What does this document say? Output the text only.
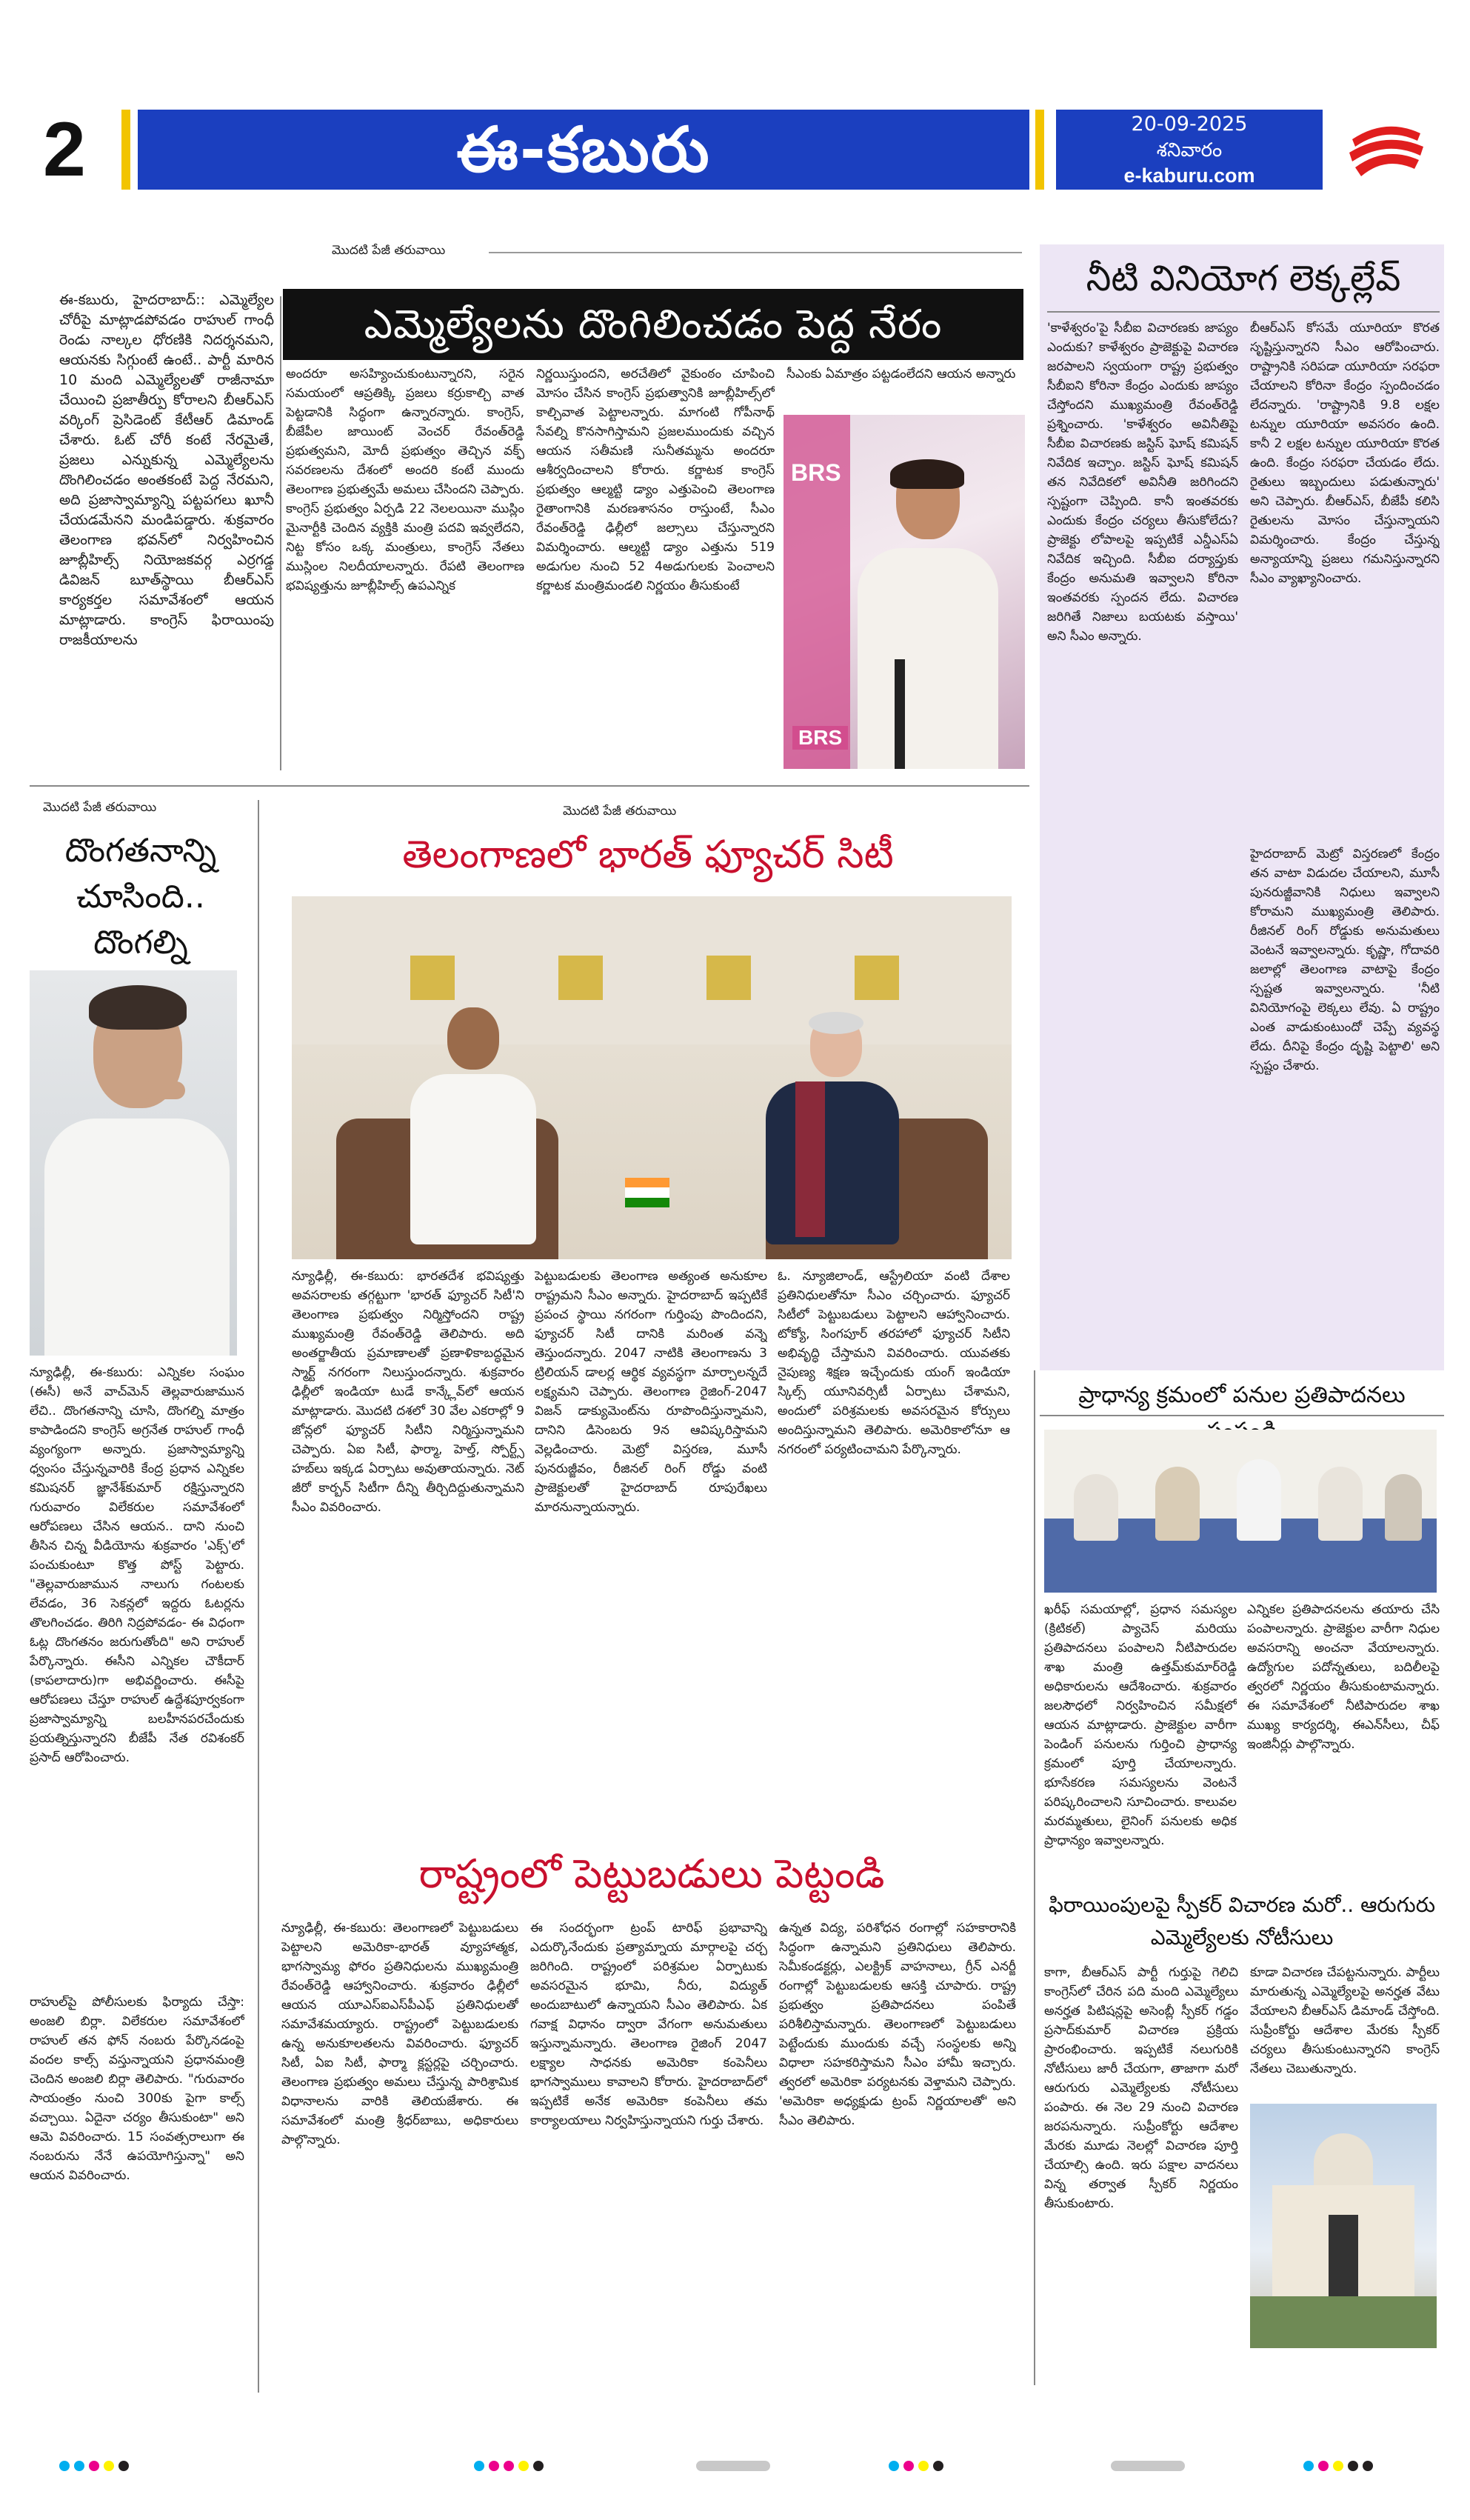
2	ఈ-కబురు	20-09-2025
శనివారం
e-kaburu.com
మొదటి పేజీ తరువాయి
ఎమ్మెల్యేలను దొంగిలించడం పెద్ద నేరం
ఈ-కబురు, హైదరాబాద్:: ఎమ్మెల్యేల చోరీపై మాట్లాడపోవడం రాహుల్ గాంధీ రెండు నాల్కల ధోరణికి నిదర్శనమని, ఆయనకు సిగ్గుంటే ఉంటే.. పార్టీ మారిన 10 మంది ఎమ్మెల్యేలతో రాజీనామా చేయించి ప్రజాతీర్పు కోరాలని బీఆర్ఎస్ వర్కింగ్ ప్రెసిడెంట్ కేటీఆర్ డిమాండ్ చేశారు. ఓట్ చోరీ కంటే నేరమైతే, ప్రజలు ఎన్నుకున్న ఎమ్మెల్యేలను దొంగిలించడం అంతకంటే పెద్ద నేరమని, అది ప్రజాస్వామ్యాన్ని పట్టపగలు ఖూనీ చేయడమేనని మండిపడ్డారు. శుక్రవారం తెలంగాణ భవన్‌లో నిర్వహించిన జూబ్లీహిల్స్ నియోజకవర్గ ఎర్రగడ్డ డివిజన్ బూత్‌స్థాయి బీఆర్ఎస్ కార్యకర్తల సమావేశంలో ఆయన మాట్లాడారు. కాంగ్రెస్ ఫిరాయింపు రాజకీయాలను
అందరూ అసహ్యించుకుంటున్నారని, సరైన సమయంలో ఆప్రతిక్కి ప్రజలు కర్రుకాల్చి వాత పెట్టడానికి సిద్ధంగా ఉన్నారన్నారు. కాంగ్రెస్, బీజేపీల జాయింట్ వెంచర్ రేవంత్‌రెడ్డి ప్రభుత్వమని, మోదీ ప్రభుత్వం తెచ్చిన వక్ఫ్ సవరణలను దేశంలో అందరి కంటే ముందు తెలంగాణ ప్రభుత్వమే అమలు చేసిందని చెప్పారు. కాంగ్రెస్ ప్రభుత్వం ఏర్పడి 22 నెలలయినా ముస్లిం మైనార్టీకి చెందిన వ్యక్తికి మంత్రి పదవి ఇవ్వలేదని, నిట్ట కోసం ఒక్క మంత్రులు, కాంగ్రెస్ నేతలు ముస్లింల నిలదీయాలన్నారు. రేపటి తెలంగాణ భవిష్యత్తును జూబ్లీహిల్స్ ఉపఎన్నిక
నిర్ణయిస్తుందని, అరచేతిలో వైకుంఠం చూపించి మోసం చేసిన కాంగ్రెస్ ప్రభుత్వానికి జూబ్లీహిల్స్‌లో కాల్చివాత పెట్టాలన్నారు. మాగంటి గోపీనాథ్ సేవల్ని కొనసాగిస్తామని ప్రజలముందుకు వచ్చిన ఆయన సతీమణి సునీతమ్మను అందరూ ఆశీర్వదించాలని కోరారు. కర్ణాటక కాంగ్రెస్ ప్రభుత్వం ఆల్మట్టి డ్యాం ఎత్తుపెంచి తెలంగాణ రైతాంగానికి మరణశాసనం రాస్తుంటే, సీఎం రేవంత్‌రెడ్డి ఢిల్లీలో జల్సాలు చేస్తున్నారని విమర్శించారు. ఆల్మట్టి డ్యాం ఎత్తును 519 అడుగుల నుంచి 52 4అడుగులకు పెంచాలని కర్ణాటక మంత్రిమండలి నిర్ణయం తీసుకుంటే
సీఎంకు ఏమాత్రం పట్టడంలేదని ఆయన అన్నారు
BRS
BRS
నీటి వినియోగ లెక్కల్లేవ్
'కాళేశ్వరం'పై సీబీఐ విచారణకు జాప్యం ఎందుకు? కాళేశ్వరం ప్రాజెక్టుపై విచారణ జరపాలని స్వయంగా రాష్ట్ర ప్రభుత్వం సీబీఐని కోరినా కేంద్రం ఎందుకు జాప్యం చేస్తోందని ముఖ్యమంత్రి రేవంత్‌రెడ్డి ప్రశ్నించారు. 'కాళేశ్వరం అవినీతిపై సీబీఐ విచారణకు జస్టిస్ ఘోష్ కమిషన్ నివేదిక ఇచ్చాం. జస్టిస్ ఘోష్ కమిషన్ తన నివేదికలో అవినీతి జరిగిందని స్పష్టంగా చెప్పింది. కానీ ఇంతవరకు ఎందుకు కేంద్రం చర్యలు తీసుకోలేదు? ప్రాజెక్టు లోపాలపై ఇప్పటికే ఎన్డీఎస్ఏ నివేదిక ఇచ్చింది. సీబీఐ దర్యాప్తుకు కేంద్రం అనుమతి ఇవ్వాలని కోరినా ఇంతవరకు స్పందన లేదు. విచారణ జరిగితే నిజాలు బయటకు వస్తాయి' అని సీఎం అన్నారు.
బీఆర్ఎస్ కోసమే యూరియా కొరత సృష్టిస్తున్నారని సీఎం ఆరోపించారు. రాష్ట్రానికి సరిపడా యూరియా సరఫరా చేయాలని కోరినా కేంద్రం స్పందించడం లేదన్నారు. 'రాష్ట్రానికి 9.8 లక్షల టన్నుల యూరియా అవసరం ఉంది. కానీ 2 లక్షల టన్నుల యూరియా కొరత ఉంది. కేంద్రం సరఫరా చేయడం లేదు. రైతులు ఇబ్బందులు పడుతున్నారు' అని చెప్పారు. బీఆర్ఎస్, బీజేపీ కలిసి రైతులను మోసం చేస్తున్నాయని విమర్శించారు. కేంద్రం చేస్తున్న అన్యాయాన్ని ప్రజలు గమనిస్తున్నారని సీఎం వ్యాఖ్యానించారు.
హైదరాబాద్ మెట్రో విస్తరణలో కేంద్రం తన వాటా విడుదల చేయాలని, మూసీ పునరుజ్జీవానికి నిధులు ఇవ్వాలని కోరామని ముఖ్యమంత్రి తెలిపారు. రీజినల్ రింగ్ రోడ్డుకు అనుమతులు వెంటనే ఇవ్వాలన్నారు. కృష్ణా, గోదావరి జలాల్లో తెలంగాణ వాటాపై కేంద్రం స్పష్టత ఇవ్వాలన్నారు. 'నీటి వినియోగంపై లెక్కలు లేవు. ఏ రాష్ట్రం ఎంత వాడుకుంటుందో చెప్పే వ్యవస్థ లేదు. దీనిపై కేంద్రం దృష్టి పెట్టాలి' అని స్పష్టం చేశారు.
మొదటి పేజీ తరువాయి
దొంగతనాన్ని చూసింది.. దొంగల్ని
న్యూఢిల్లీ, ఈ-కబురు: ఎన్నికల సంఘం (ఈసీ) అనే వాచ్‌మెన్ తెల్లవారుజామున లేచి.. దొంగతనాన్ని చూసి, దొంగల్ని మాత్రం కాపాడిందని కాంగ్రెస్ అగ్రనేత రాహుల్ గాంధీ వ్యంగ్యంగా అన్నారు. ప్రజాస్వామ్యాన్ని ధ్వంసం చేస్తున్నవారికి కేంద్ర ప్రధాన ఎన్నికల కమిషనర్ జ్ఞానేశ్‌కుమార్ రక్షిస్తున్నారని గురువారం విలేకరుల సమావేశంలో ఆరోపణలు చేసిన ఆయన.. దాని నుంచి తీసిన చిన్న వీడియోను శుక్రవారం 'ఎక్స్'లో పంచుకుంటూ కొత్త పోస్ట్ పెట్టారు. "తెల్లవారుజామున నాలుగు గంటలకు లేవడం, 36 సెకన్లలో ఇద్దరు ఓటర్లను తొలగించడం. తిరిగి నిద్రపోవడం- ఈ విధంగా ఓట్ల దొంగతనం జరుగుతోంది" అని రాహుల్ పేర్కొన్నారు. ఈసీని ఎన్నికల చౌకీదార్ (కాపలాదారు)గా అభివర్ణించారు. ఈసీపై ఆరోపణలు చేస్తూ రాహుల్ ఉద్దేశపూర్వకంగా ప్రజాస్వామ్యాన్ని బలహీనపరచేందుకు ప్రయత్నిస్తున్నారని బీజేపీ నేత రవిశంకర్ ప్రసాద్ ఆరోపించారు.
రాహుల్‌పై పోలీసులకు ఫిర్యాదు చేస్తా: అంజలి బిర్లా. విలేకరుల సమావేశంలో రాహుల్ తన ఫోన్ నంబరు పేర్కొనడంపై వందల కాల్స్ వస్తున్నాయని ప్రధానమంత్రి చెందిన అంజలి బిర్లా తెలిపారు. "గురువారం సాయంత్రం నుంచి 300కు పైగా కాల్స్ వచ్చాయి. ఏదైనా చర్యం తీసుకుంటా" అని ఆమె వివరించారు. 15 సంవత్సరాలుగా ఈ నంబరును నేనే ఉపయోగిస్తున్నా" అని ఆయన వివరించారు.
మొదటి పేజీ తరువాయి
తెలంగాణలో భారత్ ఫ్యూచర్ సిటీ
న్యూఢిల్లీ, ఈ-కబురు: భారతదేశ భవిష్యత్తు అవసరాలకు తగ్గట్టుగా 'భారత్ ఫ్యూచర్ సిటీ'ని తెలంగాణ ప్రభుత్వం నిర్మిస్తోందని రాష్ట్ర ముఖ్యమంత్రి రేవంత్‌రెడ్డి తెలిపారు. అది అంతర్జాతీయ ప్రమాణాలతో ప్రణాళికాబద్ధమైన స్మార్ట్ నగరంగా నిలుస్తుందన్నారు. శుక్రవారం ఢిల్లీలో ఇండియా టుడే కాన్క్లేవ్‌లో ఆయన మాట్లాడారు. మొదటి దశలో 30 వేల ఎకరాల్లో 9 జోన్లలో ఫ్యూచర్ సిటీని నిర్మిస్తున్నామని చెప్పారు. ఏఐ సిటీ, ఫార్మా, హెల్త్, స్పోర్ట్స్ హబ్‌లు ఇక్కడ ఏర్పాటు అవుతాయన్నారు. నెట్ జీరో కార్బన్ సిటీగా దీన్ని తీర్చిదిద్దుతున్నామని సీఎం వివరించారు.
పెట్టుబడులకు తెలంగాణ అత్యంత అనుకూల రాష్ట్రమని సీఎం అన్నారు. హైదరాబాద్ ఇప్పటికే ప్రపంచ స్థాయి నగరంగా గుర్తింపు పొందిందని, ఫ్యూచర్ సిటీ దానికి మరింత వన్నె తెస్తుందన్నారు. 2047 నాటికి తెలంగాణను 3 ట్రిలియన్ డాలర్ల ఆర్థిక వ్యవస్థగా మార్చాలన్నదే లక్ష్యమని చెప్పారు. తెలంగాణ రైజింగ్-2047 విజన్ డాక్యుమెంట్‌ను రూపొందిస్తున్నామని, దానిని డిసెంబరు 9న ఆవిష్కరిస్తామని వెల్లడించారు. మెట్రో విస్తరణ, మూసీ పునరుజ్జీవం, రీజినల్ రింగ్ రోడ్డు వంటి ప్రాజెక్టులతో హైదరాబాద్ రూపురేఖలు మారనున్నాయన్నారు.
ఓ. న్యూజిలాండ్, ఆస్ట్రేలియా వంటి దేశాల ప్రతినిధులతోనూ సీఎం చర్చించారు. ఫ్యూచర్ సిటీలో పెట్టుబడులు పెట్టాలని ఆహ్వానించారు. టోక్యో, సింగపూర్ తరహాలో ఫ్యూచర్ సిటీని అభివృద్ధి చేస్తామని వివరించారు. యువతకు నైపుణ్య శిక్షణ ఇచ్చేందుకు యంగ్ ఇండియా స్కిల్స్ యూనివర్సిటీ ఏర్పాటు చేశామని, అందులో పరిశ్రమలకు అవసరమైన కోర్సులు అందిస్తున్నామని తెలిపారు. అమెరికాలోనూ ఆ నగరంలో పర్యటించామని పేర్కొన్నారు.
రాష్ట్రంలో పెట్టుబడులు పెట్టండి
న్యూఢిల్లీ, ఈ-కబురు: తెలంగాణలో పెట్టుబడులు పెట్టాలని అమెరికా-భారత్ వ్యూహాత్మక, భాగస్వామ్య ఫోరం ప్రతినిధులను ముఖ్యమంత్రి రేవంత్‌రెడ్డి ఆహ్వానించారు. శుక్రవారం ఢిల్లీలో ఆయన యూఎస్ఐఎస్‌పీఎఫ్ ప్రతినిధులతో సమావేశమయ్యారు. రాష్ట్రంలో పెట్టుబడులకు ఉన్న అనుకూలతలను వివరించారు. ఫ్యూచర్ సిటీ, ఏఐ సిటీ, ఫార్మా క్లస్టర్లపై చర్చించారు. తెలంగాణ ప్రభుత్వం అమలు చేస్తున్న పారిశ్రామిక విధానాలను వారికి తెలియజేశారు. ఈ సమావేశంలో మంత్రి శ్రీధర్‌బాబు, అధికారులు పాల్గొన్నారు.
ఈ సందర్భంగా ట్రంప్ టారిఫ్ ప్రభావాన్ని ఎదుర్కొనేందుకు ప్రత్యామ్నాయ మార్గాలపై చర్చ జరిగింది. రాష్ట్రంలో పరిశ్రమల ఏర్పాటుకు అవసరమైన భూమి, నీరు, విద్యుత్ అందుబాటులో ఉన్నాయని సీఎం తెలిపారు. ఏక గవాక్ష విధానం ద్వారా వేగంగా అనుమతులు ఇస్తున్నామన్నారు. తెలంగాణ రైజింగ్ 2047 లక్ష్యాల సాధనకు అమెరికా కంపెనీలు భాగస్వాములు కావాలని కోరారు. హైదరాబాద్‌లో ఇప్పటికే అనేక అమెరికా కంపెనీలు తమ కార్యాలయాలు నిర్వహిస్తున్నాయని గుర్తు చేశారు.
ఉన్నత విద్య, పరిశోధన రంగాల్లో సహకారానికి సిద్ధంగా ఉన్నామని ప్రతినిధులు తెలిపారు. సెమీకండక్టర్లు, ఎలక్ట్రిక్ వాహనాలు, గ్రీన్ ఎనర్జీ రంగాల్లో పెట్టుబడులకు ఆసక్తి చూపారు. రాష్ట్ర ప్రభుత్వం ప్రతిపాదనలు పంపితే పరిశీలిస్తామన్నారు. తెలంగాణలో పెట్టుబడులు పెట్టేందుకు ముందుకు వచ్చే సంస్థలకు అన్ని విధాలా సహకరిస్తామని సీఎం హామీ ఇచ్చారు. త్వరలో అమెరికా పర్యటనకు వెళ్తామని చెప్పారు. 'అమెరికా అధ్యక్షుడు ట్రంప్ నిర్ణయాలతో' అని సీఎం తెలిపారు.
ప్రాధాన్య క్రమంలో పనుల ప్రతిపాదనలు
ఖరీఫ్ సమయాల్లో, ప్రధాన సమస్యల (క్రిటికల్) ప్యాచెస్ మరియు ప్రతిపాదనలు పంపాలని నీటిపారుదల శాఖ మంత్రి ఉత్తమ్‌కుమార్‌రెడ్డి అధికారులను ఆదేశించారు. శుక్రవారం జలసౌధలో నిర్వహించిన సమీక్షలో ఆయన మాట్లాడారు. ప్రాజెక్టుల వారీగా పెండింగ్ పనులను గుర్తించి ప్రాధాన్య క్రమంలో పూర్తి చేయాలన్నారు. భూసేకరణ సమస్యలను వెంటనే పరిష్కరించాలని సూచించారు. కాలువల మరమ్మతులు, లైనింగ్ పనులకు అధిక ప్రాధాన్యం ఇవ్వాలన్నారు.
ఎన్నికల ప్రతిపాదనలను తయారు చేసి పంపాలన్నారు. ప్రాజెక్టుల వారీగా నిధుల అవసరాన్ని అంచనా వేయాలన్నారు. ఉద్యోగుల పదోన్నతులు, బదిలీలపై త్వరలో నిర్ణయం తీసుకుంటామన్నారు. ఈ సమావేశంలో నీటిపారుదల శాఖ ముఖ్య కార్యదర్శి, ఈఎన్‌సీలు, చీఫ్ ఇంజినీర్లు పాల్గొన్నారు.
ఫిరాయింపులపై స్పీకర్ విచారణ మరో.. ఆరుగురు ఎమ్మెల్యేలకు నోటీసులు
కాగా, బీఆర్ఎస్ పార్టీ గుర్తుపై గెలిచి కాంగ్రెస్‌లో చేరిన పది మంది ఎమ్మెల్యేలు అనర్హత పిటిషన్లపై అసెంబ్లీ స్పీకర్ గడ్డం ప్రసాద్‌కుమార్ విచారణ ప్రక్రియ ప్రారంభించారు. ఇప్పటికే నలుగురికి నోటీసులు జారీ చేయగా, తాజాగా మరో ఆరుగురు ఎమ్మెల్యేలకు నోటీసులు పంపారు. ఈ నెల 29 నుంచి విచారణ జరపనున్నారు. సుప్రీంకోర్టు ఆదేశాల మేరకు మూడు నెలల్లో విచారణ పూర్తి చేయాల్సి ఉంది. ఇరు పక్షాల వాదనలు విన్న తర్వాత స్పీకర్ నిర్ణయం తీసుకుంటారు.
కూడా విచారణ చేపట్టనున్నారు. పార్టీలు మారుతున్న ఎమ్మెల్యేలపై అనర్హత వేటు వేయాలని బీఆర్ఎస్ డిమాండ్ చేస్తోంది. సుప్రీంకోర్టు ఆదేశాల మేరకు స్పీకర్ చర్యలు తీసుకుంటున్నారని కాంగ్రెస్ నేతలు చెబుతున్నారు.
